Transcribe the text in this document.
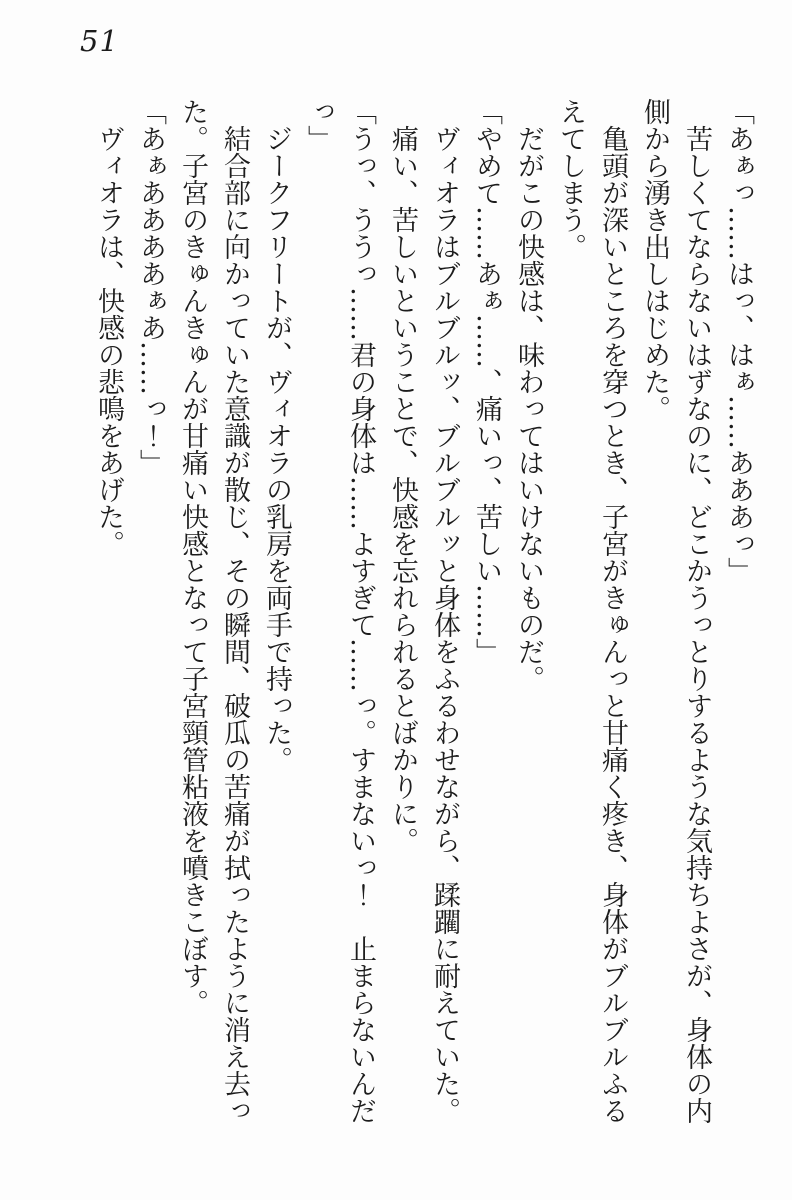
51

「あぁっ……はっ、はぁ……あああっ」

苦しくてならないはずなのに、どこかうっとりするような気持ちよさが、身体の内側から湧き出しはじめた。

亀頭が深いところを穿つとき、子宮がきゅんっと甘痛く疼き、身体がブルブルふるえてしまう。

だがこの快感は、味わってはいけないものだ。

「やめて……あぁ……、痛いっ、苦しい……」

ヴィオラはブルブルッ、ブルブルッと身体をふるわせながら、蹂躙に耐えていた。

痛い、苦しいということで、快感を忘れられるとばかりに。

「うっ、ううっ……君の身体は……よすぎて……っ。すまないっ！　止まらないんだっ」

ジークフリートが、ヴィオラの乳房を両手で持った。

結合部に向かっていた意識が散じ、その瞬間、破瓜の苦痛が拭ったように消え去った。子宮のきゅんきゅんが甘痛い快感となって子宮頸管粘液を噴きこぼす。

「あぁああああぁあ……っ！」

ヴィオラは、快感の悲鳴をあげた。
